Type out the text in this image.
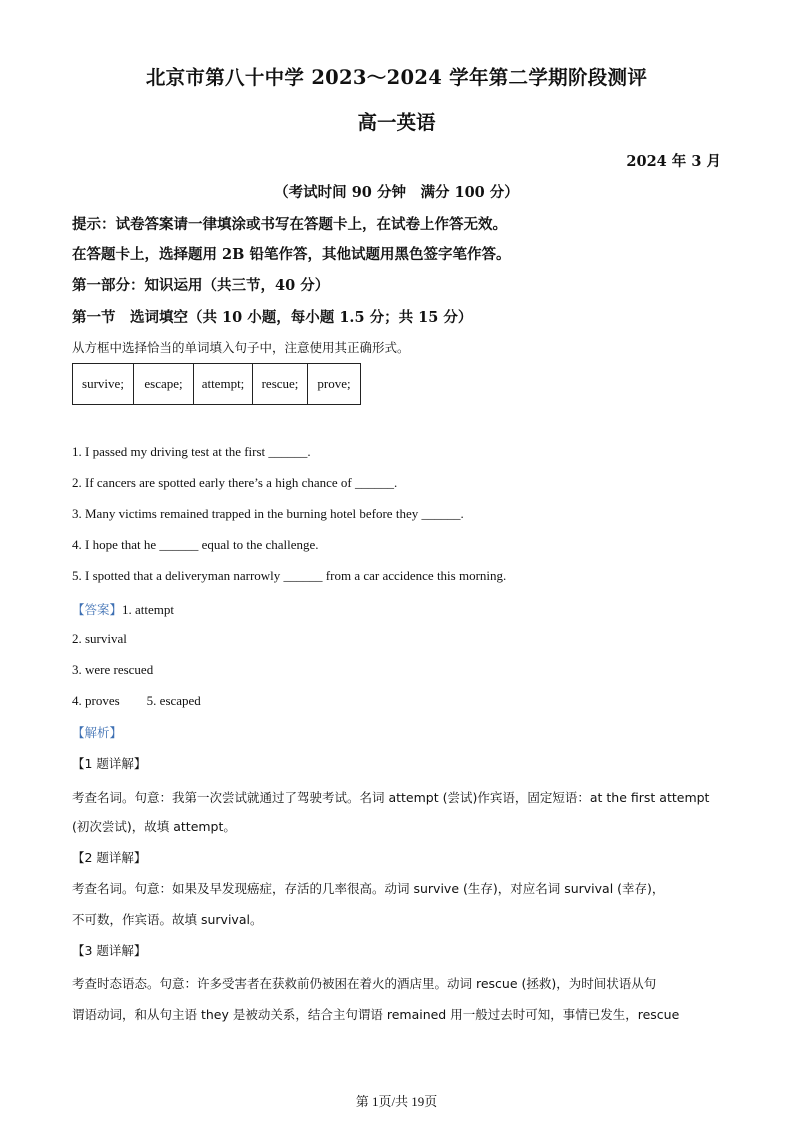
北京市第八十中学 2023～2024 学年第二学期阶段测评
高一英语
2024 年 3 月
（考试时间 90 分钟　满分 100 分）
提示：试卷答案请一律填涂或书写在答题卡上，在试卷上作答无效。
在答题卡上，选择题用 2B 铅笔作答，其他试题用黑色签字笔作答。
第一部分：知识运用（共三节，40 分）
第一节　选词填空（共 10 小题，每小题 1.5 分；共 15 分）
从方框中选择恰当的单词填入句子中，注意使用其正确形式。
survive;	escape;	attempt;	rescue;	prove;
1. I passed my driving test at the first ______.
2. If cancers are spotted early there’s a high chance of ______.
3. Many victims remained trapped in the burning hotel before they ______.
4. I hope that he ______ equal to the challenge.
5. I spotted that a deliveryman narrowly ______ from a car accidence this morning.
【答案】1. attempt
2. survival
3. were rescued
4. proves 5. escaped
【解析】
【1 题详解】
考查名词。句意：我第一次尝试就通过了驾驶考试。名词 attempt (尝试)作宾语，固定短语：at the first attempt
(初次尝试)，故填 attempt。
【2 题详解】
考查名词。句意：如果及早发现癌症，存活的几率很高。动词 survive (生存)，对应名词 survival (幸存)，
不可数，作宾语。故填 survival。
【3 题详解】
考查时态语态。句意：许多受害者在获救前仍被困在着火的酒店里。动词 rescue (拯救)，为时间状语从句
谓语动词，和从句主语 they 是被动关系，结合主句谓语 remained 用一般过去时可知，事情已发生，rescue
第 1页/共 19页
